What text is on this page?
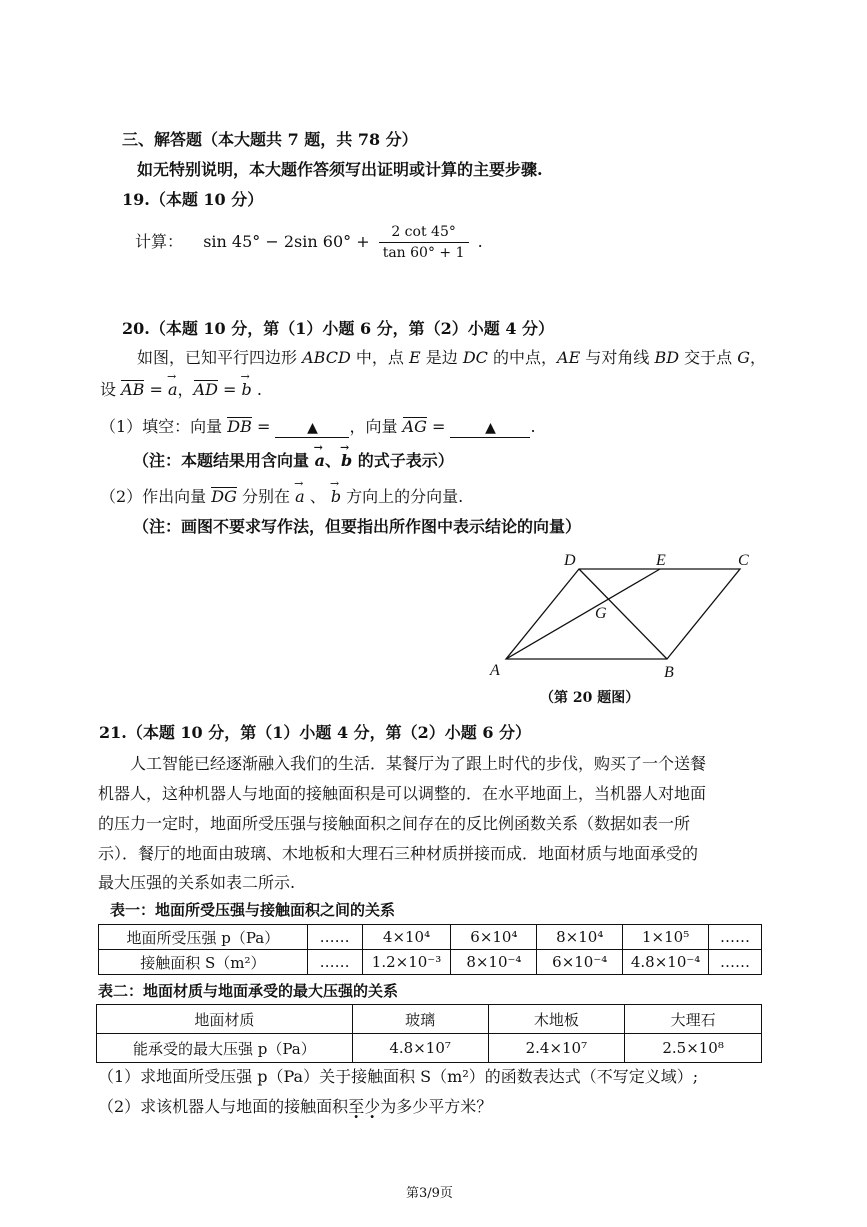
三、解答题（本大题共 7 题，共 78 分）
如无特别说明，本大题作答须写出证明或计算的主要步骤.
19.（本题 10 分）
计算： sin 45° − 2sin $60^\circ + \frac{2 \cot 45^\circ}{\tan 60^\circ + 1}$ .
20.（本题 10 分，第（1）小题 6 分，第（2）小题 4 分）
如图，已知平行四边形 ABCD 中，点 E 是边 DC 的中点，AE 与对角线 BD 交于点 G，
设 AB = → a，AD = → b .
（1）填空：向量 DB = ▲ ，向量 AG = ▲ .
（注：本题结果用含向量 → a、→ b 的式子表示）
（2）作出向量 DG 分别在 → a 、 → b 方向上的分向量.
（注：画图不要求写作法，但要指出所作图中表示结论的向量）
D	E	C
G
A	B
（第 20 题图）
21.（本题 10 分，第（1）小题 4 分，第（2）小题 6 分）
人工智能已经逐渐融入我们的生活．某餐厅为了跟上时代的步伐，购买了一个送餐
机器人，这种机器人与地面的接触面积是可以调整的．在水平地面上，当机器人对地面
的压力一定时，地面所受压强与接触面积之间存在的反比例函数关系（数据如表一所
示）．餐厅的地面由玻璃、木地板和大理石三种材质拼接而成．地面材质与地面承受的
最大压强的关系如表二所示.
表一：地面所受压强与接触面积之间的关系
地面所受压强 p（Pa）	……	4×10⁴	6×10⁴	8×10⁴	1×10⁵	……
接触面积 S（m²）	……	1.2×10⁻³	8×10⁻⁴	6×10⁻⁴	4.8×10⁻⁴	……
表二：地面材质与地面承受的最大压强的关系
地面材质	玻璃	木地板	大理石
能承受的最大压强 p（Pa）	4.8×10⁷	2.4×10⁷	2.5×10⁸
（1）求地面所受压强 p（Pa）关于接触面积 S（m²）的函数表达式（不写定义域）;
（2）求该机器人与地面的接触面积至少为多少平方米？
第3/9页
